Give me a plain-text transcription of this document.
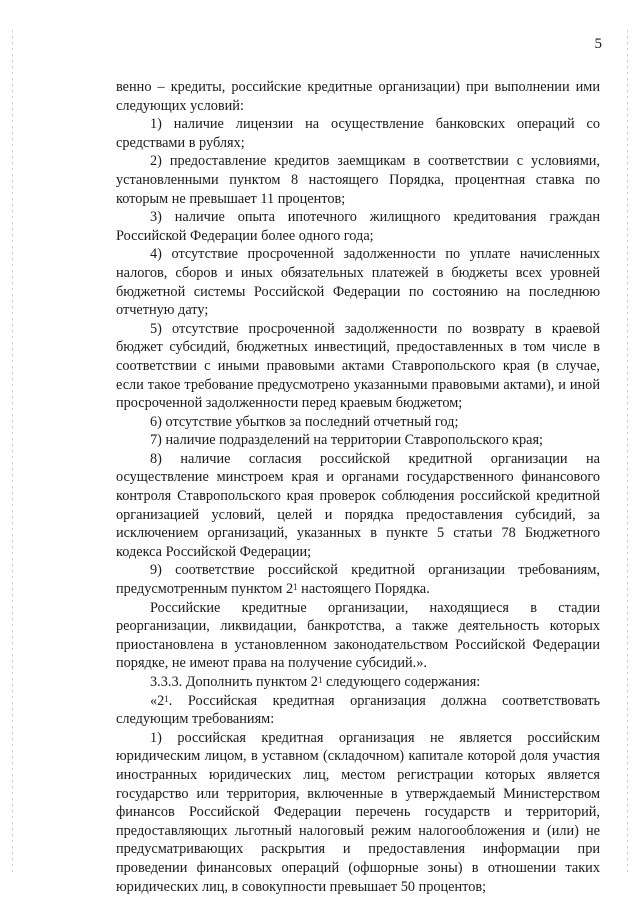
5

венно – кредиты, российские кредитные организации) при выполнении ими следующих условий:

1) наличие лицензии на осуществление банковских операций со средствами в рублях;

2) предоставление кредитов заемщикам в соответствии с условиями, установленными пунктом 8 настоящего Порядка, процентная ставка по которым не превышает 11 процентов;

3) наличие опыта ипотечного жилищного кредитования граждан Российской Федерации более одного года;

4) отсутствие просроченной задолженности по уплате начисленных налогов, сборов и иных обязательных платежей в бюджеты всех уровней бюджетной системы Российской Федерации по состоянию на последнюю отчетную дату;

5) отсутствие просроченной задолженности по возврату в краевой бюджет субсидий, бюджетных инвестиций, предоставленных в том числе в соответствии с иными правовыми актами Ставропольского края (в случае, если такое требование предусмотрено указанными правовыми актами), и иной просроченной задолженности перед краевым бюджетом;

6) отсутствие убытков за последний отчетный год;

7) наличие подразделений на территории Ставропольского края;

8) наличие согласия российской кредитной организации на осуществление минстроем края и органами государственного финансового контроля Ставропольского края проверок соблюдения российской кредитной организацией условий, целей и порядка предоставления субсидий, за исключением организаций, указанных в пункте 5 статьи 78 Бюджетного кодекса Российской Федерации;

9) соответствие российской кредитной организации требованиям, предусмотренным пунктом $2^1$ настоящего Порядка.

Российские кредитные организации, находящиеся в стадии реорганизации, ликвидации, банкротства, а также деятельность которых приостановлена в установленном законодательством Российской Федерации порядке, не имеют права на получение субсидий.».

3.3.3. Дополнить пунктом $2^1$ следующего содержания:

«$2^1$. Российская кредитная организация должна соответствовать следующим требованиям:

1) российская кредитная организация не является российским юридическим лицом, в уставном (складочном) капитале которой доля участия иностранных юридических лиц, местом регистрации которых является государство или территория, включенные в утверждаемый Министерством финансов Российской Федерации перечень государств и территорий, предоставляющих льготный налоговый режим налогообложения и (или) не предусматривающих раскрытия и предоставления информации при проведении финансовых операций (офшорные зоны) в отношении таких юридических лиц, в совокупности превышает 50 процентов;
